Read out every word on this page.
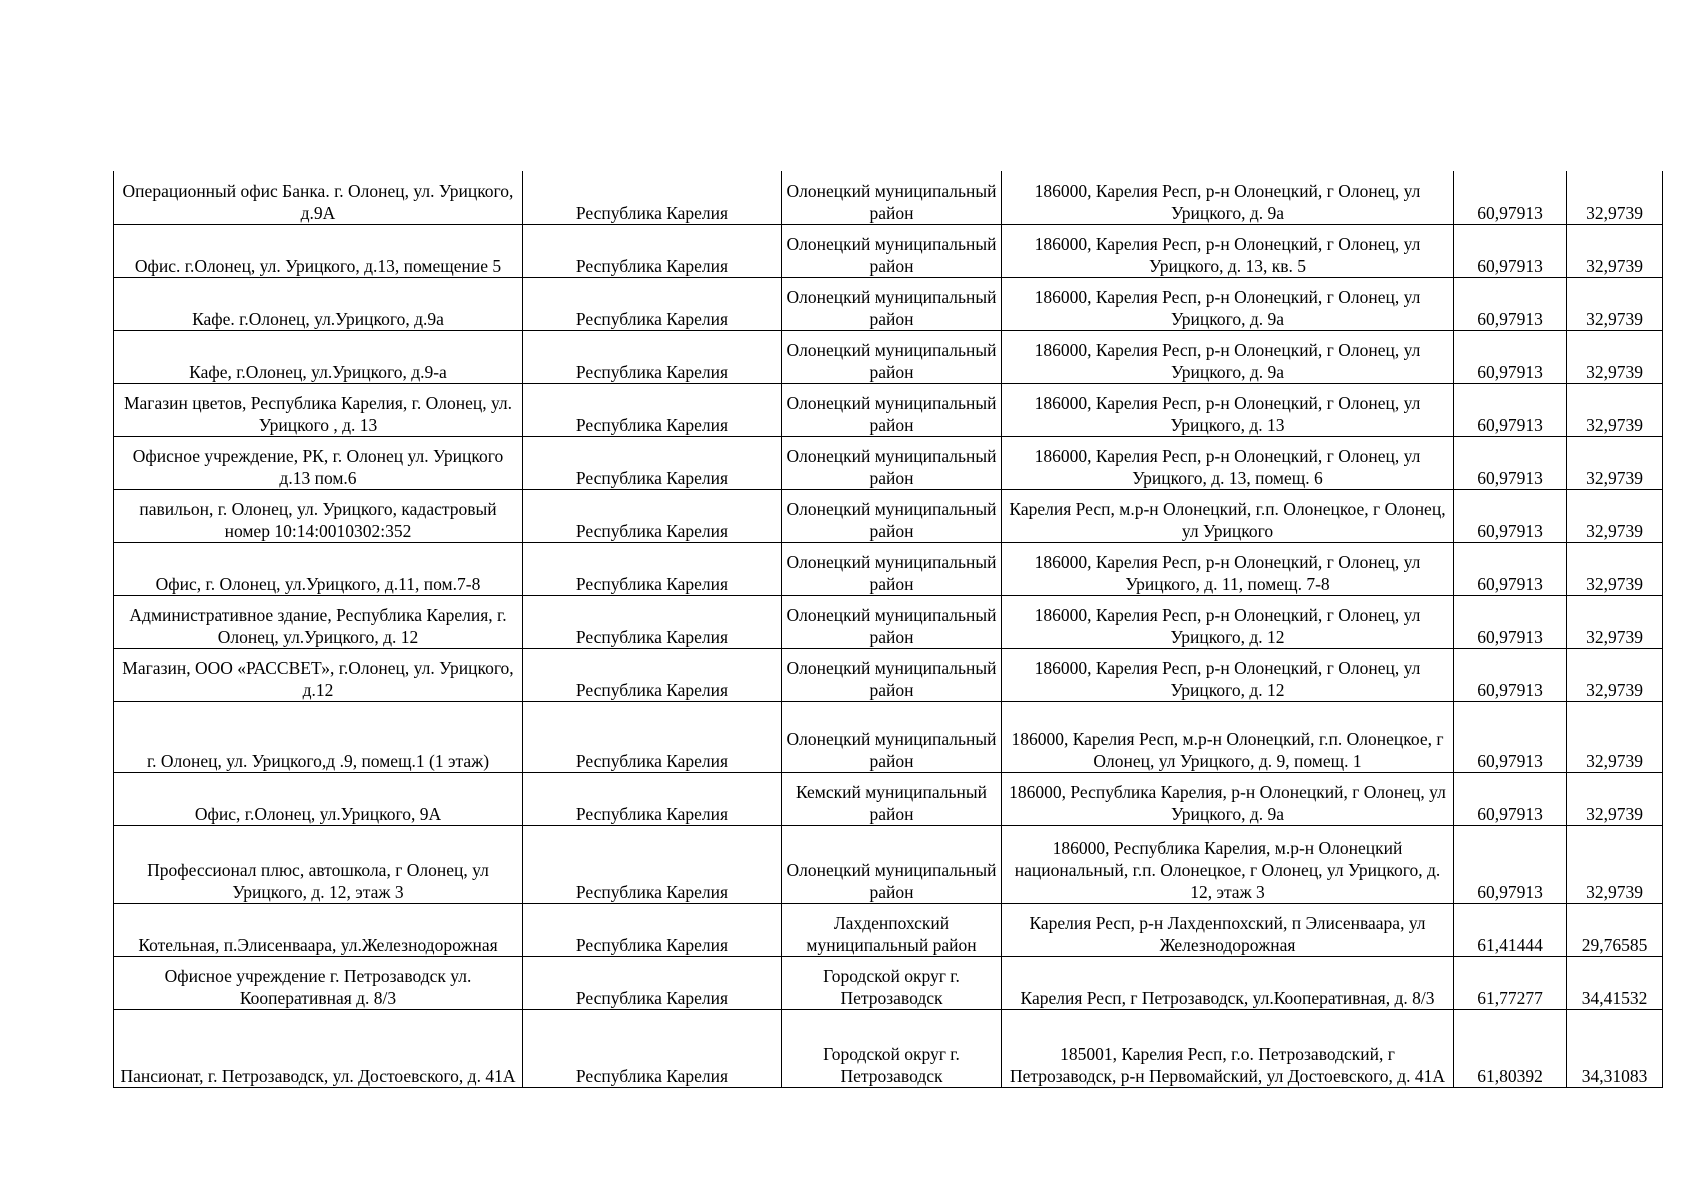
Операционный офис Банка. г. Олонец, ул. Урицкого, д.9А	Республика Карелия	Олонецкий муниципальный район	186000, Карелия Респ, р-н Олонецкий, г Олонец, ул Урицкого, д. 9а	60,97913	32,9739
Офис. г.Олонец, ул. Урицкого, д.13, помещение 5	Республика Карелия	Олонецкий муниципальный район	186000, Карелия Респ, р-н Олонецкий, г Олонец, ул Урицкого, д. 13, кв. 5	60,97913	32,9739
Кафе. г.Олонец, ул.Урицкого, д.9а	Республика Карелия	Олонецкий муниципальный район	186000, Карелия Респ, р-н Олонецкий, г Олонец, ул Урицкого, д. 9а	60,97913	32,9739
Кафе, г.Олонец, ул.Урицкого, д.9-а	Республика Карелия	Олонецкий муниципальный район	186000, Карелия Респ, р-н Олонецкий, г Олонец, ул Урицкого, д. 9а	60,97913	32,9739
Магазин цветов, Республика Карелия, г. Олонец, ул. Урицкого , д. 13	Республика Карелия	Олонецкий муниципальный район	186000, Карелия Респ, р-н Олонецкий, г Олонец, ул Урицкого, д. 13	60,97913	32,9739
Офисное учреждение, РК, г. Олонец ул. Урицкого д.13 пом.6	Республика Карелия	Олонецкий муниципальный район	186000, Карелия Респ, р-н Олонецкий, г Олонец, ул Урицкого, д. 13, помещ. 6	60,97913	32,9739
павильон, г. Олонец, ул. Урицкого, кадастровый номер 10:14:0010302:352	Республика Карелия	Олонецкий муниципальный район	Карелия Респ, м.р-н Олонецкий, г.п. Олонецкое, г Олонец, ул Урицкого	60,97913	32,9739
Офис, г. Олонец, ул.Урицкого, д.11, пом.7-8	Республика Карелия	Олонецкий муниципальный район	186000, Карелия Респ, р-н Олонецкий, г Олонец, ул Урицкого, д. 11, помещ. 7-8	60,97913	32,9739
Административное здание, Республика Карелия, г. Олонец, ул.Урицкого, д. 12	Республика Карелия	Олонецкий муниципальный район	186000, Карелия Респ, р-н Олонецкий, г Олонец, ул Урицкого, д. 12	60,97913	32,9739
Магазин, ООО «РАССВЕТ», г.Олонец, ул. Урицкого, д.12	Республика Карелия	Олонецкий муниципальный район	186000, Карелия Респ, р-н Олонецкий, г Олонец, ул Урицкого, д. 12	60,97913	32,9739
г. Олонец, ул. Урицкого,д .9, помещ.1 (1 этаж)	Республика Карелия	Олонецкий муниципальный район	186000, Карелия Респ, м.р-н Олонецкий, г.п. Олонецкое, г Олонец, ул Урицкого, д. 9, помещ. 1	60,97913	32,9739
Офис, г.Олонец, ул.Урицкого, 9А	Республика Карелия	Кемский муниципальный район	186000, Республика Карелия, р-н Олонецкий, г Олонец, ул Урицкого, д. 9а	60,97913	32,9739
Профессионал плюс, автошкола, г Олонец, ул Урицкого, д. 12, этаж 3	Республика Карелия	Олонецкий муниципальный район	186000, Республика Карелия, м.р-н Олонецкий национальный, г.п. Олонецкое, г Олонец, ул Урицкого, д. 12, этаж 3	60,97913	32,9739
Котельная, п.Элисенваара, ул.Железнодорожная	Республика Карелия	Лахденпохский муниципальный район	Карелия Респ, р-н Лахденпохский, п Элисенваара, ул Железнодорожная	61,41444	29,76585
Офисное учреждение г. Петрозаводск ул. Кооперативная д. 8/3	Республика Карелия	Городской округ г. Петрозаводск	Карелия Респ, г Петрозаводск, ул.Кооперативная, д. 8/3	61,77277	34,41532
Пансионат, г. Петрозаводск, ул. Достоевского, д. 41А	Республика Карелия	Городской округ г. Петрозаводск	185001, Карелия Респ, г.о. Петрозаводский, г Петрозаводск, р-н Первомайский, ул Достоевского, д. 41А	61,80392	34,31083
